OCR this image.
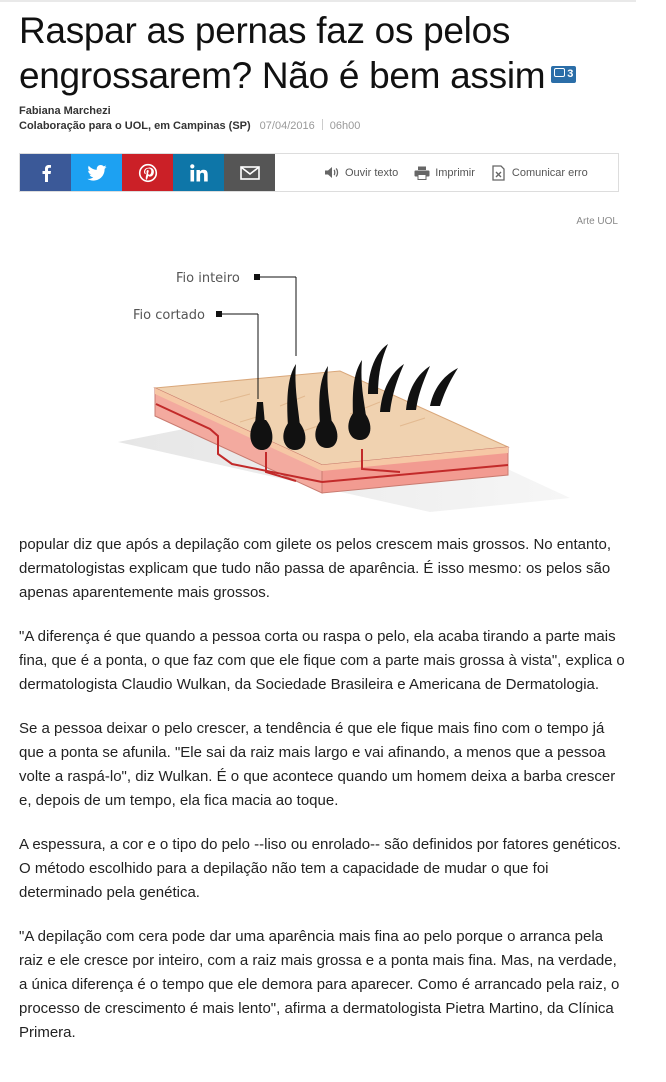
Raspar as pernas faz os pelos engrossarem? Não é bem assim 3
Fabiana Marchezi
Colaboração para o UOL, em Campinas (SP) 07/04/2016 06h00
Ouvir texto	Imprimir	Comunicar erro
Arte UOL
Fio inteiro
Fio cortado

popular diz que após a depilação com gilete os pelos crescem mais grossos. No entanto, dermatologistas explicam que tudo não passa de aparência. É isso mesmo: os pelos são apenas aparentemente mais grossos.

"A diferença é que quando a pessoa corta ou raspa o pelo, ela acaba tirando a parte mais fina, que é a ponta, o que faz com que ele fique com a parte mais grossa à vista", explica o dermatologista Claudio Wulkan, da Sociedade Brasileira e Americana de Dermatologia.

Se a pessoa deixar o pelo crescer, a tendência é que ele fique mais fino com o tempo já que a ponta se afunila. "Ele sai da raiz mais largo e vai afinando, a menos que a pessoa volte a raspá-lo", diz Wulkan. É o que acontece quando um homem deixa a barba crescer e, depois de um tempo, ela fica macia ao toque.

A espessura, a cor e o tipo do pelo --liso ou enrolado-- são definidos por fatores genéticos. O método escolhido para a depilação não tem a capacidade de mudar o que foi determinado pela genética.

"A depilação com cera pode dar uma aparência mais fina ao pelo porque o arranca pela raiz e ele cresce por inteiro, com a raiz mais grossa e a ponta mais fina. Mas, na verdade, a única diferença é o tempo que ele demora para aparecer. Como é arrancado pela raiz, o processo de crescimento é mais lento", afirma a dermatologista Pietra Martino, da Clínica Primera.
